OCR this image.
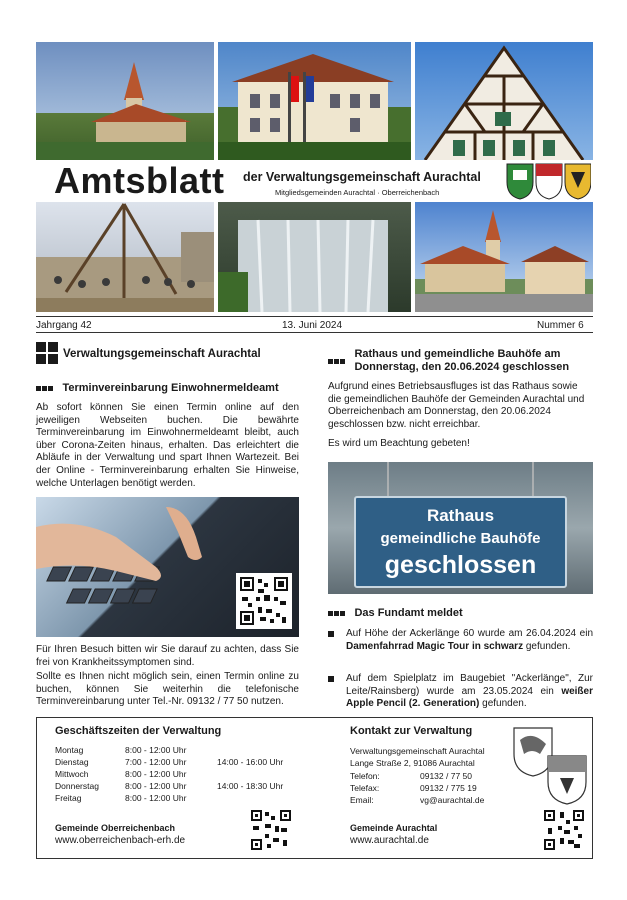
Amtsblatt der Verwaltungsgemeinschaft Aurachtal
Mitgliedsgemeinden Aurachtal · Oberreichenbach
Jahrgang 42	13. Juni 2024	Nummer 6
Verwaltungsgemeinschaft Aurachtal
Terminvereinbarung Einwohnermeldeamt

Ab sofort können Sie einen Termin online auf den jeweiligen Webseiten buchen. Die bewährte Terminvereinbarung im Einwohnermeldeamt bleibt, auch über Corona-Zeiten hinaus, erhalten. Das erleichtert die Abläufe in der Verwaltung und spart Ihnen Wartezeit. Bei der Online - Terminvereinbarung erhalten Sie Hinweise, welche Unterlagen benötigt werden.

Für Ihren Besuch bitten wir Sie darauf zu achten, dass Sie frei von Krankheitssymptomen sind.

Sollte es Ihnen nicht möglich sein, einen Termin online zu buchen, können Sie weiterhin die telefonische Terminvereinbarung unter Tel.-Nr. 09132 / 77 50 nutzen.

Rathaus und gemeindliche Bauhöfe am Donnerstag, den 20.06.2024 geschlossen

Aufgrund eines Betriebsausfluges ist das Rathaus sowie die gemeindlichen Bauhöfe der Gemeinden Aurachtal und Oberreichenbach am Donnerstag, den 20.06.2024 geschlossen bzw. nicht erreichbar.

Es wird um Beachtung gebeten!

Rathaus
gemeindliche Bauhöfe
geschlossen
Das Fundamt meldet

Auf Höhe der Ackerlänge 60 wurde am 26.04.2024 ein Damenfahrrad Magic Tour in schwarz gefunden.

Auf dem Spielplatz im Baugebiet "Ackerlänge", Zur Leite/Rainsberg) wurde am 23.05.2024 ein weißer Apple Pencil (2. Generation) gefunden.

Geschäftszeiten der Verwaltung
Montag	8:00 - 12:00 Uhr	
Dienstag	7:00 - 12:00 Uhr	14:00 - 16:00 Uhr
Mittwoch	8:00 - 12:00 Uhr	
Donnerstag	8:00 - 12:00 Uhr	14:00 - 18:30 Uhr
Freitag	8:00 - 12:00 Uhr	
Gemeinde Oberreichenbach
www.oberreichenbach-erh.de
Kontakt zur Verwaltung
Verwaltungsgemeinschaft Aurachtal
Lange Straße 2, 91086 Aurachtal
Telefon:	09132 / 77 50
Telefax:	09132 / 775 19
Email:	vg@aurachtal.de
Gemeinde Aurachtal
www.aurachtal.de
